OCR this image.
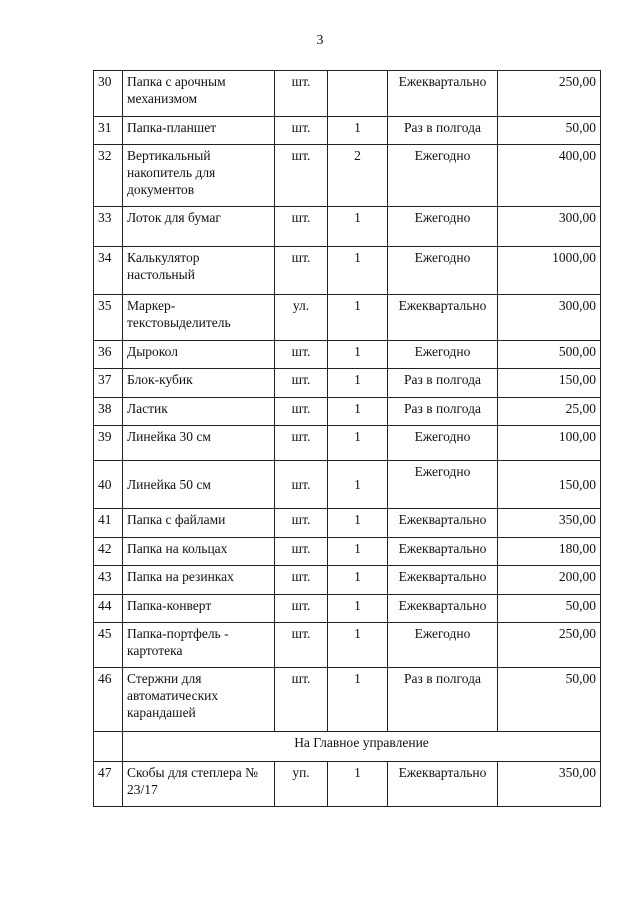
3
30	Папка с арочным механизмом	шт.		Ежеквартально	250,00
31	Папка-планшет	шт.	1	Раз в полгода	50,00
32	Вертикальный накопитель для документов	шт.	2	Ежегодно	400,00
33	Лоток для бумаг	шт.	1	Ежегодно	300,00
34	Калькулятор настольный	шт.	1	Ежегодно	1000,00
35	Маркер-текстовыделитель	ул.	1	Ежеквартально	300,00
36	Дырокол	шт.	1	Ежегодно	500,00
37	Блок-кубик	шт.	1	Раз в полгода	150,00
38	Ластик	шт.	1	Раз в полгода	25,00
39	Линейка 30 см	шт.	1	Ежегодно	100,00
40	Линейка 50 см	шт.	1	Ежегодно	150,00
41	Папка с файлами	шт.	1	Ежеквартально	350,00
42	Папка на кольцах	шт.	1	Ежеквартально	180,00
43	Папка на резинках	шт.	1	Ежеквартально	200,00
44	Папка-конверт	шт.	1	Ежеквартально	50,00
45	Папка-портфель - картотека	шт.	1	Ежегодно	250,00
46	Стержни для автоматических карандашей	шт.	1	Раз в полгода	50,00
	На Главное управление				
47	Скобы для степлера № 23/17	уп.	1	Ежеквартально	350,00
